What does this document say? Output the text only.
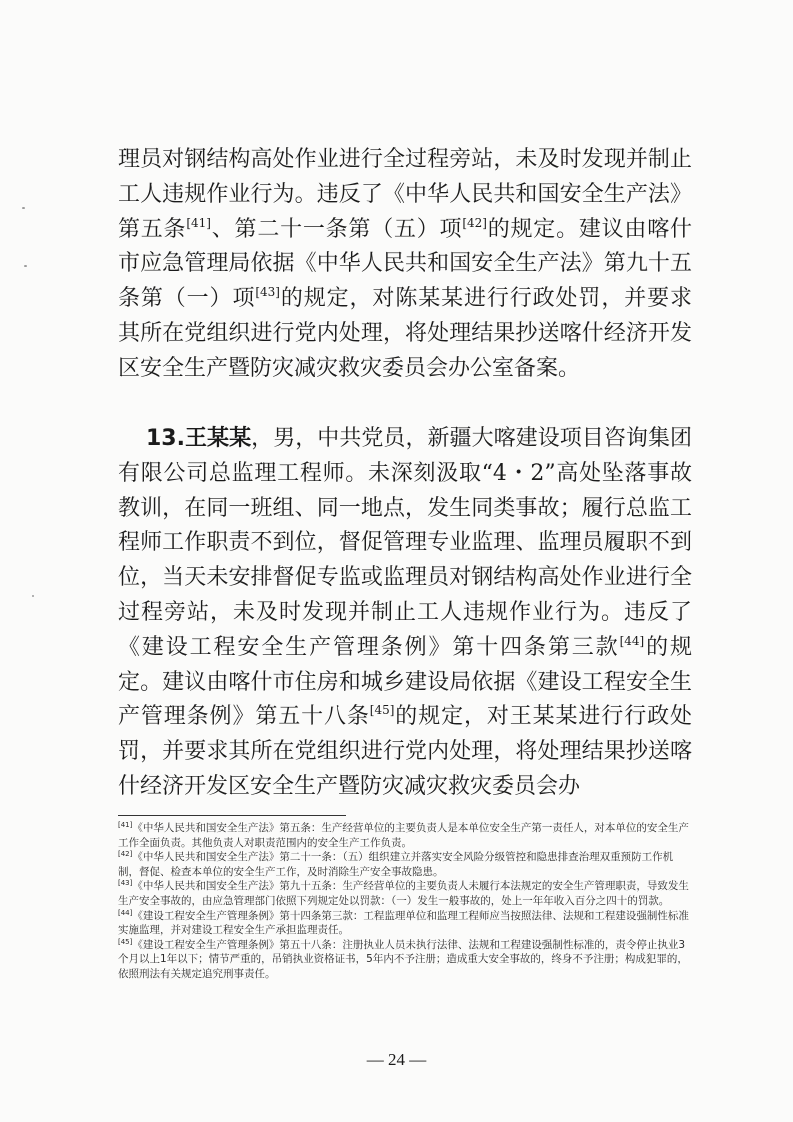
理员对钢结构高处作业进行全过程旁站，未及时发现并制止工人违规作业行为。违反了《中华人民共和国安全生产法》第五条[41]、第二十一条第（五）项[42]的规定。建议由喀什市应急管理局依据《中华人民共和国安全生产法》第九十五条第（一）项[43]的规定，对陈某某进行行政处罚，并要求其所在党组织进行党内处理，将处理结果抄送喀什经济开发区安全生产暨防灾减灾救灾委员会办公室备案。

13.王某某，男，中共党员，新疆大喀建设项目咨询集团有限公司总监理工程师。未深刻汲取“4・2”高处坠落事故教训，在同一班组、同一地点，发生同类事故；履行总监工程师工作职责不到位，督促管理专业监理、监理员履职不到位，当天未安排督促专监或监理员对钢结构高处作业进行全过程旁站，未及时发现并制止工人违规作业行为。违反了《建设工程安全生产管理条例》第十四条第三款[44]的规定。建议由喀什市住房和城乡建设局依据《建设工程安全生产管理条例》第五十八条[45]的规定，对王某某进行行政处罚，并要求其所在党组织进行党内处理，将处理结果抄送喀什经济开发区安全生产暨防灾减灾救灾委员会办

[41]《中华人民共和国安全生产法》第五条：生产经营单位的主要负责人是本单位安全生产第一责任人，对本单位的安全生产工作全面负责。其他负责人对职责范围内的安全生产工作负责。

[42]《中华人民共和国安全生产法》第二十一条：（五）组织建立并落实安全风险分级管控和隐患排查治理双重预防工作机制，督促、检查本单位的安全生产工作，及时消除生产安全事故隐患。

[43]《中华人民共和国安全生产法》第九十五条：生产经营单位的主要负责人未履行本法规定的安全生产管理职责，导致发生生产安全事故的，由应急管理部门依照下列规定处以罚款：（一）发生一般事故的，处上一年年收入百分之四十的罚款。

[44]《建设工程安全生产管理条例》第十四条第三款：工程监理单位和监理工程师应当按照法律、法规和工程建设强制性标准实施监理，并对建设工程安全生产承担监理责任。

[45]《建设工程安全生产管理条例》第五十八条：注册执业人员未执行法律、法规和工程建设强制性标准的，责令停止执业3个月以上1年以下；情节严重的，吊销执业资格证书，5年内不予注册；造成重大安全事故的，终身不予注册；构成犯罪的，依照刑法有关规定追究刑事责任。

— 24 —
